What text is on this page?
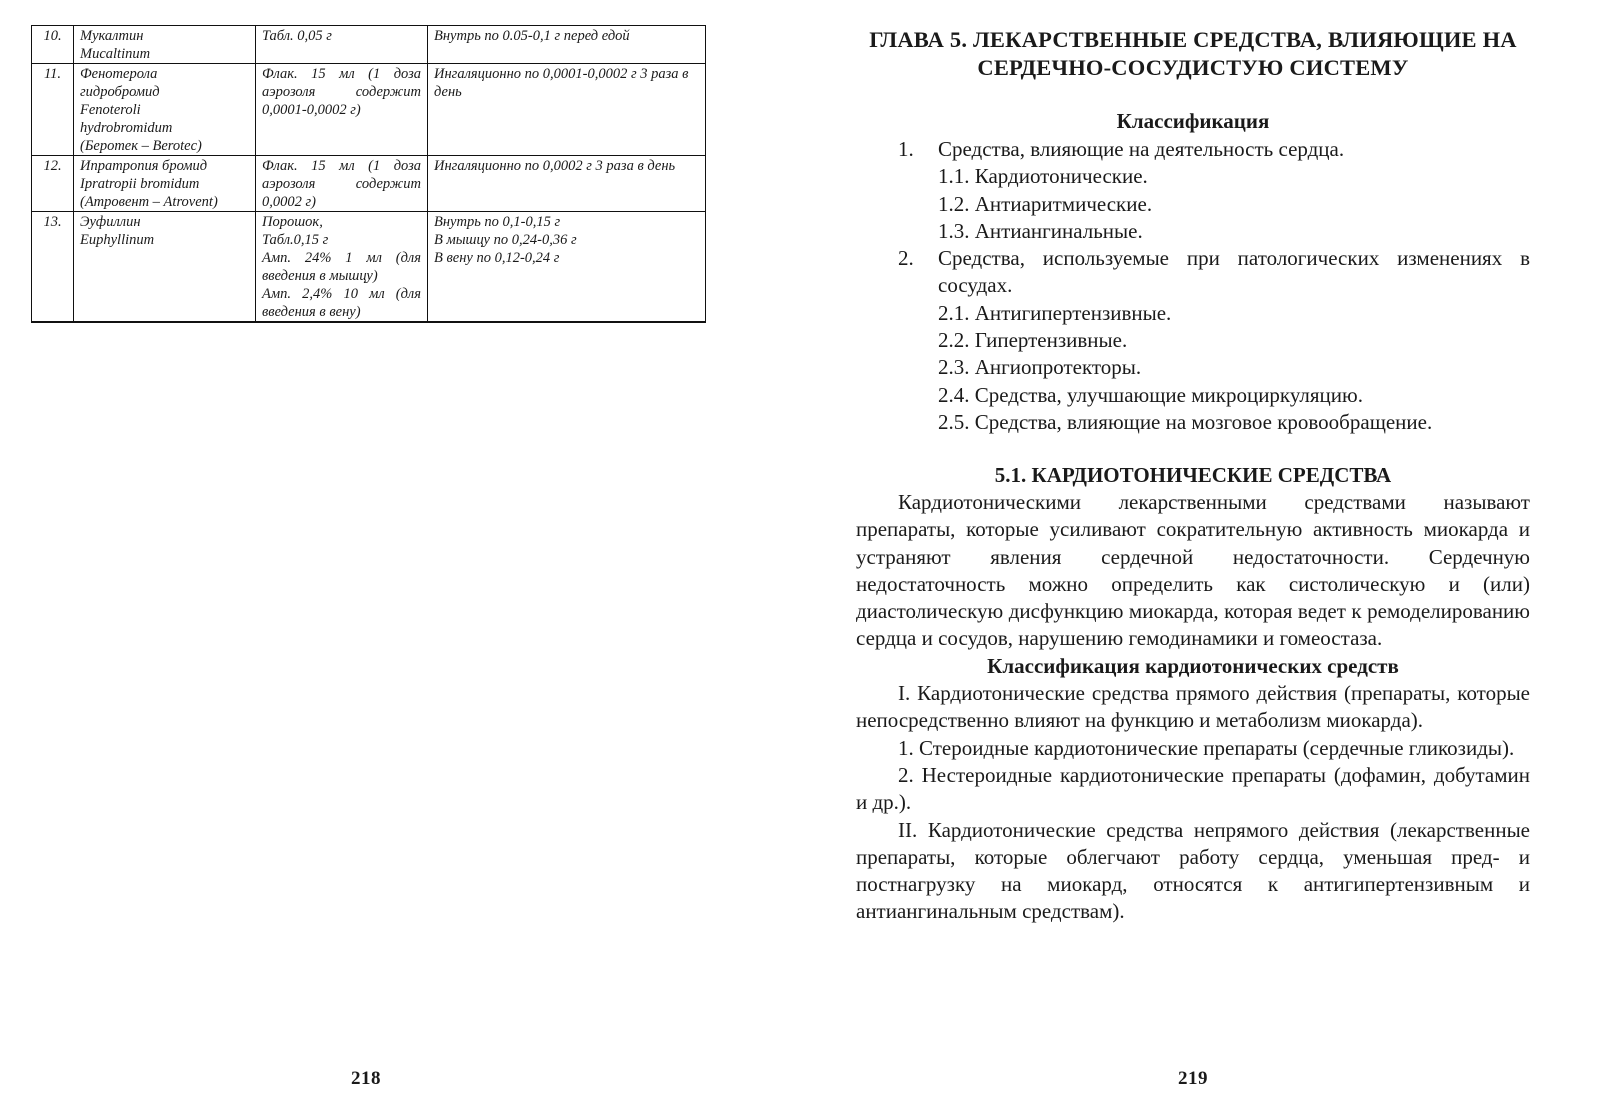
10.	Мукалтин
Mucaltinum	Табл. 0,05 г	Внутрь по 0.05-0,1 г перед едой

11.	Фенотерола
гидробромид
Fenoteroli
hydrobromidum
(Беротек – Berotec)	Флак. 15 мл (1 доза аэрозоля содержит 0,0001-0,0002 г)	Ингаляционно по 0,0001-0,0002 г 3 раза в день

12.	Ипратропия бромид
Ipratropii bromidum
(Атровент – Atrovent)	Флак. 15 мл (1 доза аэрозоля содержит 0,0002 г)	Ингаляционно по 0,0002 г 3 раза в день

13.	Эуфиллин
Euphyllinum	Порошок,
Табл.0,15 г
Амп. 24% 1 мл (для введения в мышцу)
Амп. 2,4% 10 мл (для введения в вену)	Внутрь по 0,1-0,15 г
В мышцу по 0,24-0,36 г
В вену по 0,12-0,24 г
218
ГЛАВА 5. ЛЕКАРСТВЕННЫЕ СРЕДСТВА, ВЛИЯЮЩИЕ НА СЕРДЕЧНО-СОСУДИСТУЮ СИСТЕМУ
Классификация
1.	Средства, влияющие на деятельность сердца.
1.1. Кардиотонические.
1.2. Антиаритмические.
1.3. Антиангинальные.
2.	Средства, используемые при патологических изменениях в сосудах.
2.1. Антигипертензивные.
2.2. Гипертензивные.
2.3. Ангиопротекторы.
2.4. Средства, улучшающие микроциркуляцию.
2.5. Средства, влияющие на мозговое кровообращение.
5.1. КАРДИОТОНИЧЕСКИЕ СРЕДСТВА

Кардиотоническими лекарственными средствами называют препараты, которые усиливают сократительную активность миокарда и устраняют явления сердечной недостаточности. Сердечную недостаточность можно определить как систолическую и (или) диастолическую дисфункцию миокарда, которая ведет к ремоделированию сердца и сосудов, нарушению гемодинамики и гомеостаза.

Классификация кардиотонических средств

I. Кардиотонические средства прямого действия (препараты, которые непосредственно влияют на функцию и метаболизм миокарда).

1. Стероидные кардиотонические препараты (сердечные гликозиды).

2. Нестероидные кардиотонические препараты (дофамин, добутамин и др.).

II. Кардиотонические средства непрямого действия (лекарственные препараты, которые облегчают работу сердца, уменьшая пред- и постнагрузку на миокард, относятся к антигипертензивным и антиангинальным средствам).

219
